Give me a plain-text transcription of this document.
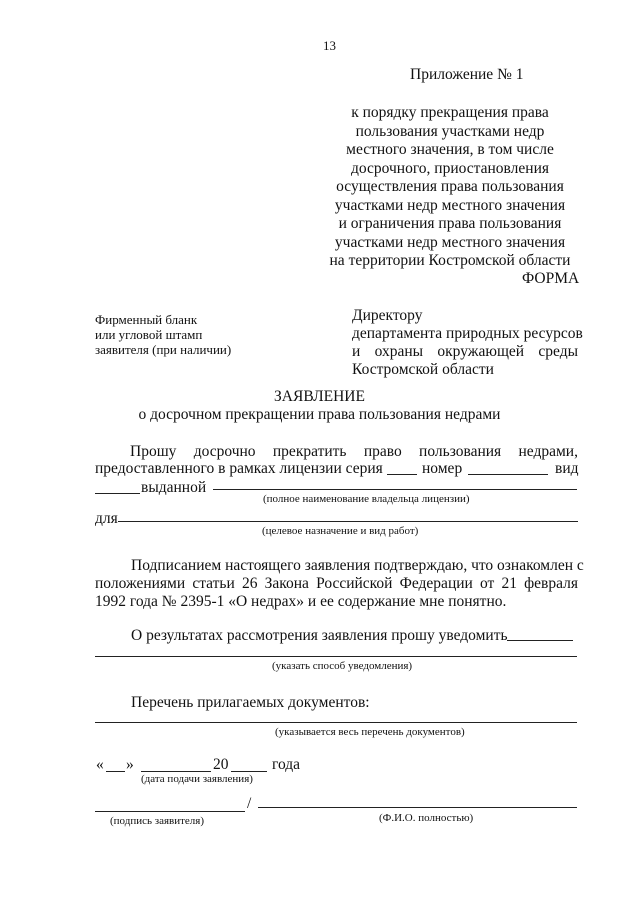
13
Приложение № 1
к порядку прекращения права
пользования участками недр
местного значения, в том числе
досрочного, приостановления
осуществления права пользования
участками недр местного значения
и ограничения права пользования
участками недр местного значения
на территории Костромской области
ФОРМА
Фирменный бланк
или угловой штамп
заявителя (при наличии)
Директору
департамента природных ресурсов
и охраны окружающей среды
Костромской области
ЗАЯВЛЕНИЕ
о досрочном прекращении права пользования недрами
Прошу досрочно прекратить право пользования недрами,
предоставленного в рамках лицензии серия	номер	вид
выданной
(полное наименование владельца лицензии)
для
(целевое назначение и вид работ)
Подписанием настоящего заявления подтверждаю, что ознакомлен с
положениями статьи 26 Закона Российской Федерации от 21 февраля
1992 года № 2395-1 «О недрах» и ее содержание мне понятно.
О результатах рассмотрения заявления прошу уведомить
(указать способ уведомления)
Перечень прилагаемых документов:
(указывается весь перечень документов)
« »	20	года
(дата подачи заявления)
/
(подпись заявителя)	(Ф.И.О. полностью)
